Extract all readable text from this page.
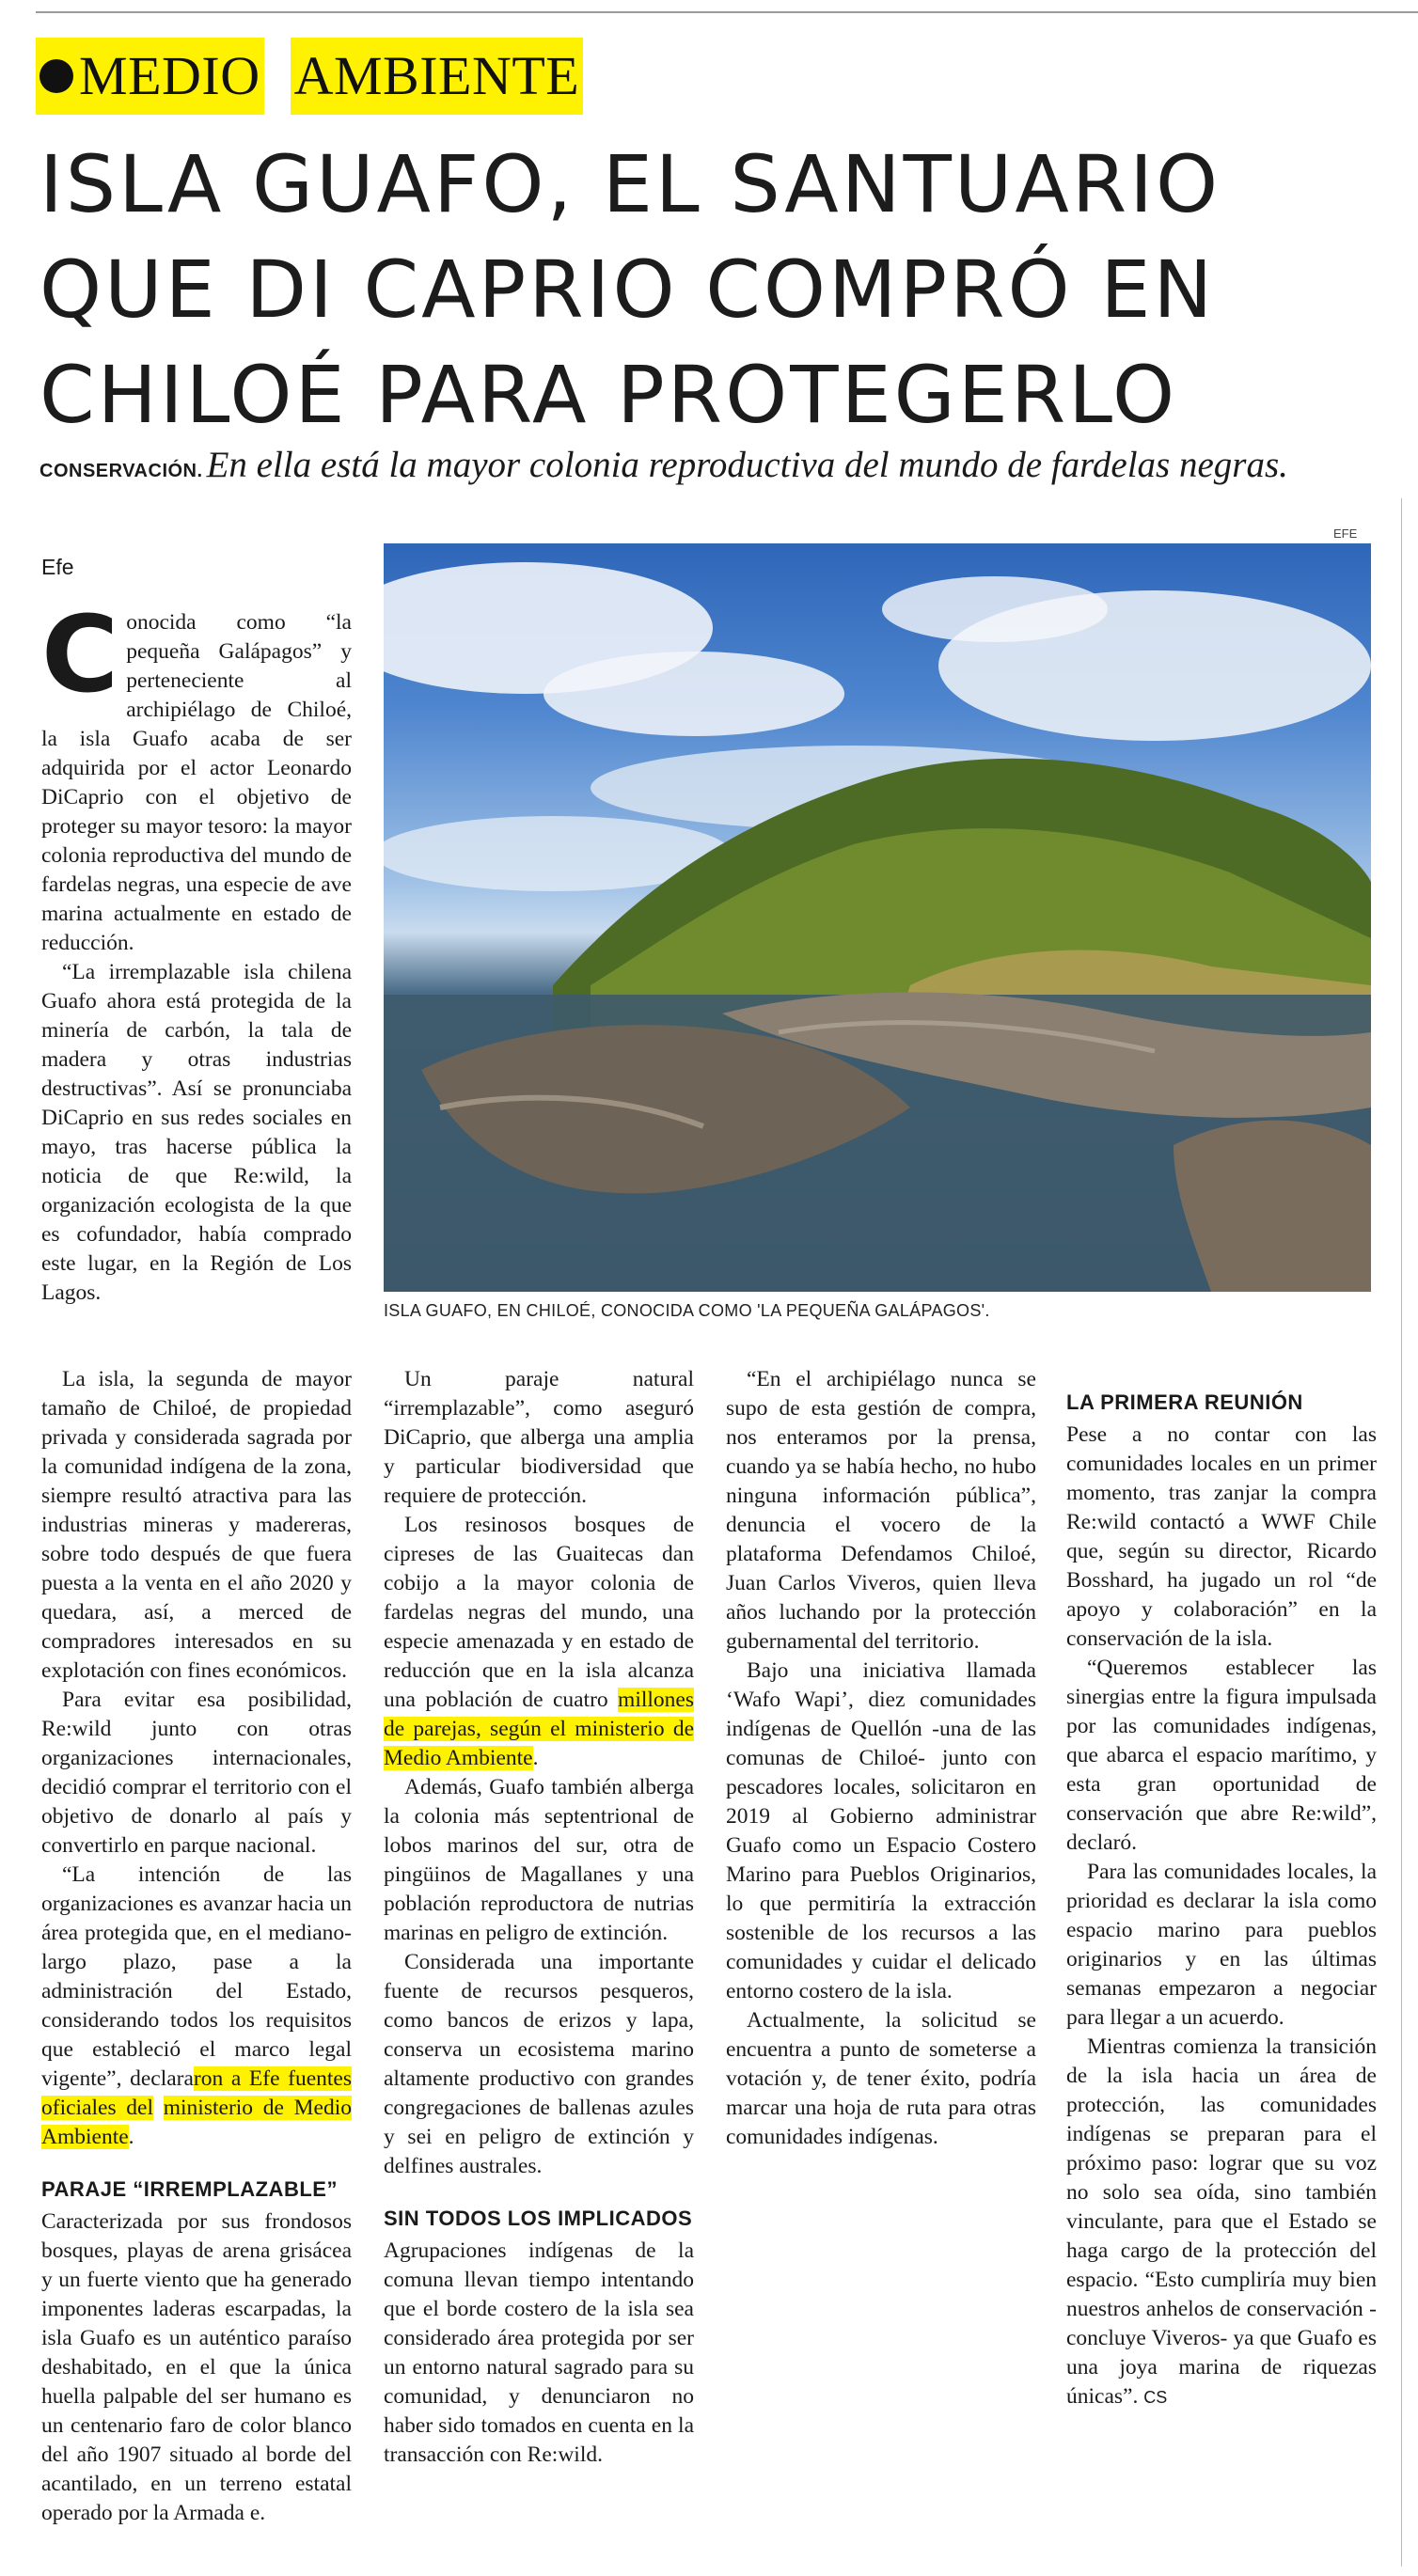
MEDIO AMBIENTE
ISLA GUAFO, EL SANTUARIO QUE DI CAPRIO COMPRÓ EN CHILOÉ PARA PROTEGERLO
CONSERVACIÓN. En ella está la mayor colonia reproductiva del mundo de fardelas negras.
Efe

Conocida como “la pequeña Galápagos” y perteneciente al archipiélago de Chiloé, la isla Guafo acaba de ser adquirida por el actor Leonardo DiCaprio con el objetivo de proteger su mayor tesoro: la mayor colonia reproductiva del mundo de fardelas negras, una especie de ave marina actualmente en estado de reducción.

“La irremplazable isla chilena Guafo ahora está protegida de la minería de carbón, la tala de madera y otras industrias destructivas”. Así se pronunciaba DiCaprio en sus redes sociales en mayo, tras hacerse pública la noticia de que Re:wild, la organización ecologista de la que es cofundador, había comprado este lugar, en la Región de Los Lagos.

EFE
ISLA GUAFO, EN CHILOÉ, CONOCIDA COMO 'LA PEQUEÑA GALÁPAGOS'.

La isla, la segunda de mayor tamaño de Chiloé, de propiedad privada y considerada sagrada por la comunidad indígena de la zona, siempre resultó atractiva para las industrias mineras y madereras, sobre todo después de que fuera puesta a la venta en el año 2020 y quedara, así, a merced de compradores interesados en su explotación con fines económicos.

Para evitar esa posibilidad, Re:wild junto con otras organizaciones internacionales, decidió comprar el territorio con el objetivo de donarlo al país y convertirlo en parque nacional.

“La intención de las organizaciones es avanzar hacia un área protegida que, en el mediano-largo plazo, pase a la administración del Estado, considerando todos los requisitos que estableció el marco legal vigente”, declararon a Efe fuentes oficiales del ministerio de Medio Ambiente.

PARAJE “IRREMPLAZABLE”

Caracterizada por sus frondosos bosques, playas de arena grisácea y un fuerte viento que ha generado imponentes laderas escarpadas, la isla Guafo es un auténtico paraíso deshabitado, en el que la única huella palpable del ser humano es un centenario faro de color blanco del año 1907 situado al borde del acantilado, en un terreno estatal operado por la Armada e.

Un paraje natural “irremplazable”, como aseguró DiCaprio, que alberga una amplia y particular biodiversidad que requiere de protección.

Los resinosos bosques de cipreses de las Guaitecas dan cobijo a la mayor colonia de fardelas negras del mundo, una especie amenazada y en estado de reducción que en la isla alcanza una población de cuatro millones de parejas, según el ministerio de Medio Ambiente.

Además, Guafo también alberga la colonia más septentrional de lobos marinos del sur, otra de pingüinos de Magallanes y una población reproductora de nutrias marinas en peligro de extinción.

Considerada una importante fuente de recursos pesqueros, como bancos de erizos y lapa, conserva un ecosistema marino altamente productivo con grandes congregaciones de ballenas azules y sei en peligro de extinción y delfines australes.

SIN TODOS LOS IMPLICADOS

Agrupaciones indígenas de la comuna llevan tiempo intentando que el borde costero de la isla sea considerado área protegida por ser un entorno natural sagrado para su comunidad, y denunciaron no haber sido tomados en cuenta en la transacción con Re:wild.

“En el archipiélago nunca se supo de esta gestión de compra, nos enteramos por la prensa, cuando ya se había hecho, no hubo ninguna información pública”, denuncia el vocero de la plataforma Defendamos Chiloé, Juan Carlos Viveros, quien lleva años luchando por la protección gubernamental del territorio.

Bajo una iniciativa llamada ‘Wafo Wapi’, diez comunidades indígenas de Quellón -una de las comunas de Chiloé- junto con pescadores locales, solicitaron en 2019 al Gobierno administrar Guafo como un Espacio Costero Marino para Pueblos Originarios, lo que permitiría la extracción sostenible de los recursos a las comunidades y cuidar el delicado entorno costero de la isla.

Actualmente, la solicitud se encuentra a punto de someterse a votación y, de tener éxito, podría marcar una hoja de ruta para otras comunidades indígenas.

LA PRIMERA REUNIÓN

Pese a no contar con las comunidades locales en un primer momento, tras zanjar la compra Re:wild contactó a WWF Chile que, según su director, Ricardo Bosshard, ha jugado un rol “de apoyo y colaboración” en la conservación de la isla.

“Queremos establecer las sinergias entre la figura impulsada por las comunidades indígenas, que abarca el espacio marítimo, y esta gran oportunidad de conservación que abre Re:wild”, declaró.

Para las comunidades locales, la prioridad es declarar la isla como espacio marino para pueblos originarios y en las últimas semanas empezaron a negociar para llegar a un acuerdo.

Mientras comienza la transición de la isla hacia un área de protección, las comunidades indígenas se preparan para el próximo paso: lograr que su voz no solo sea oída, sino también vinculante, para que el Estado se haga cargo de la protección del espacio. “Esto cumpliría muy bien nuestros anhelos de conservación -concluye Viveros- ya que Guafo es una joya marina de riquezas únicas”. CS
